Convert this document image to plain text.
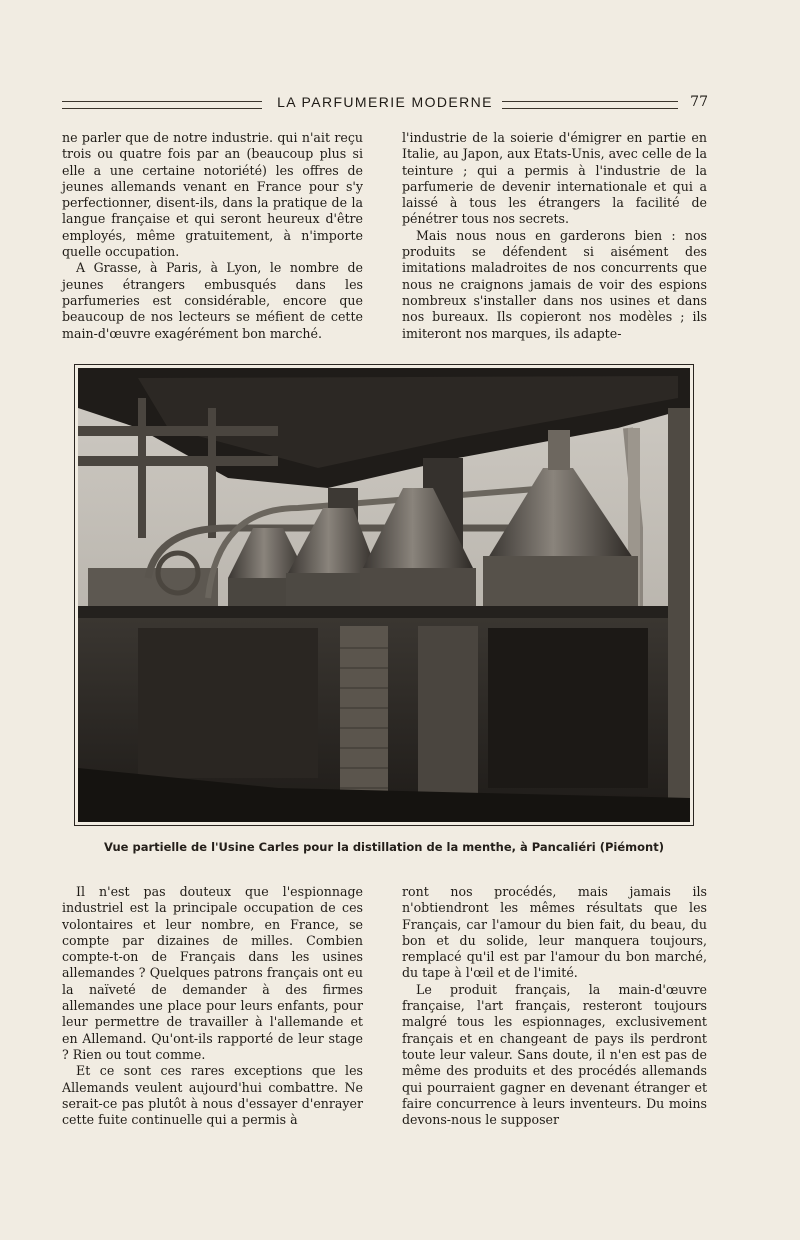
LA PARFUMERIE MODERNE	77

ne parler que de notre industrie. qui n'ait reçu trois ou quatre fois par an (beaucoup plus si elle a une certaine notoriété) les offres de jeunes allemands venant en France pour s'y perfectionner, disent-ils, dans la pratique de la langue française et qui seront heureux d'être employés, même gratuitement, à n'importe quelle occupation.

A Grasse, à Paris, à Lyon, le nombre de jeunes étrangers embusqués dans les parfumeries est considérable, encore que beaucoup de nos lecteurs se méfient de cette main-d'œuvre exagérément bon marché.

l'industrie de la soierie d'émigrer en partie en Italie, au Japon, aux Etats-Unis, avec celle de la teinture ; qui a permis à l'industrie de la parfumerie de devenir internationale et qui a laissé à tous les étrangers la facilité de pénétrer tous nos secrets.

Mais nous nous en garderons bien : nos produits se défendent si aisément des imitations maladroites de nos concurrents que nous ne craignons jamais de voir des espions nombreux s'installer dans nos usines et dans nos bureaux. Ils copieront nos modèles ; ils imiteront nos marques, ils adapte-

Vue partielle de l'Usine Carles pour la distillation de la menthe, à Pancaliéri (Piémont)

Il n'est pas douteux que l'espionnage industriel est la principale occupation de ces volontaires et leur nombre, en France, se compte par dizaines de milles. Combien compte-t-on de Français dans les usines allemandes ? Quelques patrons français ont eu la naïveté de demander à des firmes allemandes une place pour leurs enfants, pour leur permettre de travailler à l'allemande et en Allemand. Qu'ont-ils rapporté de leur stage ? Rien ou tout comme.

Et ce sont ces rares exceptions que les Allemands veulent aujourd'hui combattre. Ne serait-ce pas plutôt à nous d'essayer d'enrayer cette fuite continuelle qui a permis à

ront nos procédés, mais jamais ils n'obtiendront les mêmes résultats que les Français, car l'amour du bien fait, du beau, du bon et du solide, leur manquera toujours, remplacé qu'il est par l'amour du bon marché, du tape à l'œil et de l'imité.

Le produit français, la main-d'œuvre française, l'art français, resteront toujours malgré tous les espionnages, exclusivement français et en changeant de pays ils perdront toute leur valeur. Sans doute, il n'en est pas de même des produits et des procédés allemands qui pourraient gagner en devenant étranger et faire concurrence à leurs inventeurs. Du moins devons-nous le supposer
